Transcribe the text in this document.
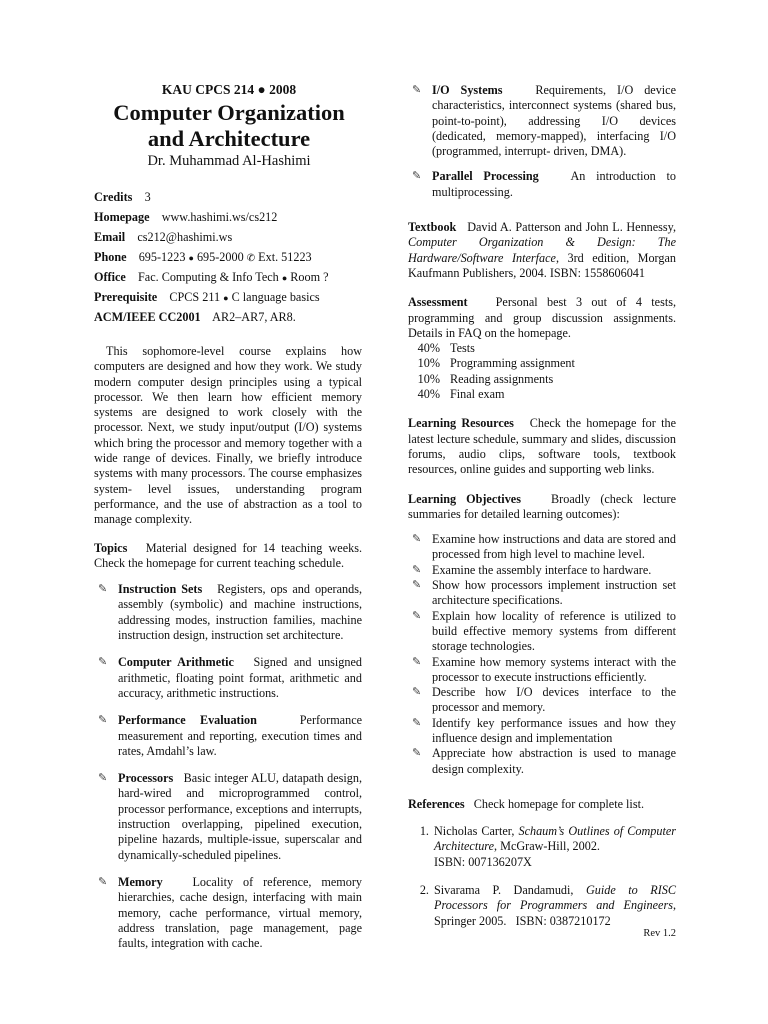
KAU CPCS 214 ● 2008
Computer Organization
and Architecture
Dr. Muhammad Al-Hashimi
Credits 3
Homepage www.hashimi.ws/cs212
Email cs212@hashimi.ws
Phone 695-1223 ● 695-2000 ✆ Ext. 51223
Office Fac. Computing & Info Tech ● Room ?
Prerequisite CPCS 211 ● C language basics
ACM/IEEE CC2001 AR2–AR7, AR8.

This sophomore-level course explains how computers are designed and how they work. We study modern computer design principles using a typical processor. We then learn how efficient memory systems are designed to work closely with the processor. Next, we study input/output (I/O) systems which bring the processor and memory together with a wide range of devices. Finally, we briefly introduce systems with many processors. The course emphasizes system- level issues, understanding program performance, and the use of abstraction as a tool to manage complexity.

Topics Material designed for 14 teaching weeks. Check the homepage for current teaching schedule.

✎ Instruction Sets Registers, ops and operands, assembly (symbolic) and machine instructions, addressing modes, instruction families, machine instruction design, instruction set architecture.
✎ Computer Arithmetic Signed and unsigned arithmetic, floating point format, arithmetic and accuracy, arithmetic instructions.
✎ Performance Evaluation	Performance measurement and reporting, execution times and rates, Amdahl’s law.
✎ Processors Basic integer ALU, datapath design, hard-wired and microprogrammed control, processor performance, exceptions and interrupts, instruction overlapping, pipelined execution, pipeline hazards, multiple-issue, superscalar and dynamically-scheduled pipelines.
✎ Memory Locality of reference, memory hierarchies, cache design, interfacing with main memory, cache performance, virtual memory, address translation, page management, page faults, integration with cache.
✎ I/O Systems	Requirements, I/O device characteristics, interconnect systems (shared bus, point-to-point), addressing I/O devices (dedicated, memory-mapped), interfacing I/O (programmed, interrupt- driven, DMA).
✎ Parallel Processing	An introduction to multiprocessing.

Textbook David A. Patterson and John L. Hennessy, Computer Organization & Design: The Hardware/Software Interface, 3rd edition, Morgan Kaufmann Publishers, 2004. ISBN: 1558606041

Assessment Personal best 3 out of 4 tests, programming and group discussion assignments. Details in FAQ on the homepage.

40% Tests
10% Programming assignment
10% Reading assignments
40% Final exam

Learning Resources Check the homepage for the latest lecture schedule, summary and slides, discussion forums, audio clips, software tools, textbook resources, online guides and supporting web links.

Learning Objectives Broadly (check lecture summaries for detailed learning outcomes):

✎ Examine how instructions and data are stored and processed from high level to machine level.
✎ Examine the assembly interface to hardware.
✎ Show how processors implement instruction set architecture specifications.
✎ Explain how locality of reference is utilized to build effective memory systems from different storage technologies.
✎ Examine how memory systems interact with the processor to execute instructions efficiently.
✎ Describe how I/O devices interface to the processor and memory.
✎ Identify key performance issues and how they influence design and implementation
✎ Appreciate how abstraction is used to manage design complexity.

References Check homepage for complete list.

1. Nicholas Carter, Schaum’s Outlines of Computer Architecture, McGraw-Hill, 2002.
ISBN: 007136207X
2. Sivarama P. Dandamudi, Guide to RISC Processors for Programmers and Engineers, Springer 2005. ISBN: 0387210172
Rev 1.2
